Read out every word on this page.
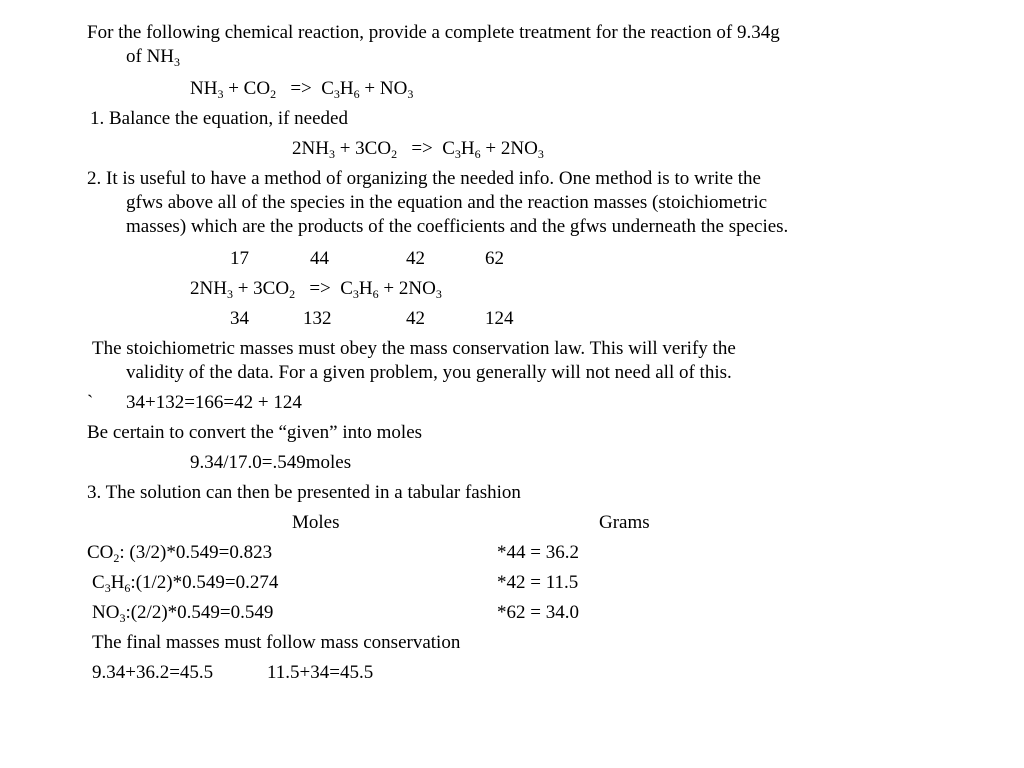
For the following chemical reaction, provide a complete treatment for the reaction of 9.34g
of $NH_3$
$NH_3 + CO_2 => C_3H_6 + NO_3$
1. Balance the equation, if needed
$2NH_3 + 3CO_2 => C_3H_6 + 2NO_3$
2. It is useful to have a method of organizing the needed info. One method is to write the
gfws above all of the species in the equation and the reaction masses (stoichiometric
masses) which are the products of the coefficients and the gfws underneath the species.
17	44	42	62
$2NH_3 + 3CO_2 => C_3H_6 + 2NO_3$
34	132	42	124
The stoichiometric masses must obey the mass conservation law. This will verify the
validity of the data. For a given problem, you generally will not need all of this.
` 34+132=166=42 + 124
Be certain to convert the “given” into moles
9.34/17.0=.549moles
3. The solution can then be presented in a tabular fashion
Moles	Grams
$CO_2$: (3/2)*0.549=0.823	*44 = 36.2
$C_3H_6:(1/2)*0.549=0.274$	*42 = 11.5
$NO_3:(2/2)*0.549=0.549$	*62 = 34.0
The final masses must follow mass conservation
9.34+36.2=45.5	11.5+34=45.5
